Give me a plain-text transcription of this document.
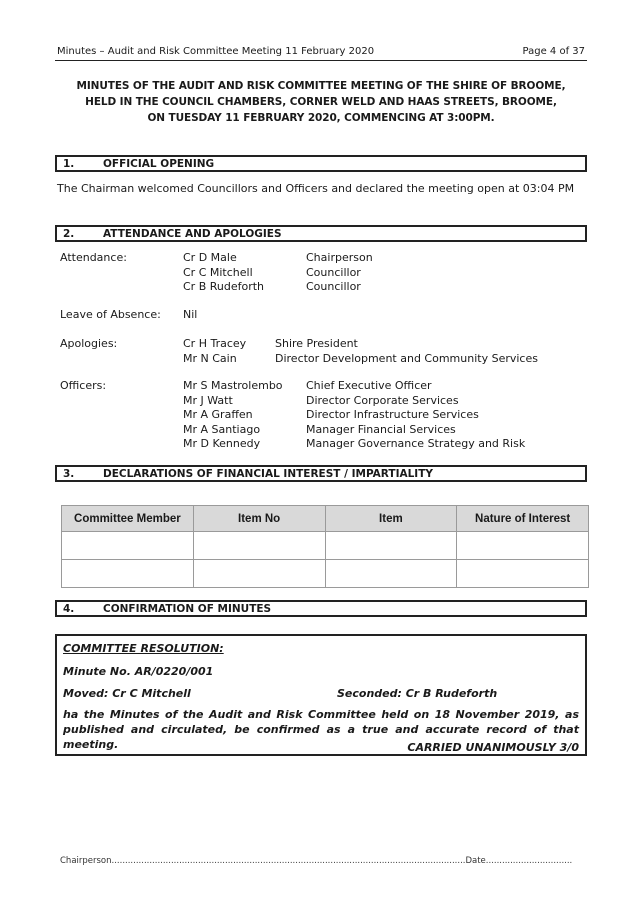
Minutes – Audit and Risk Committee Meeting 11 February 2020	Page 4 of 37
MINUTES OF THE AUDIT AND RISK COMMITTEE MEETING OF THE SHIRE OF BROOME,
HELD IN THE COUNCIL CHAMBERS, CORNER WELD AND HAAS STREETS, BROOME,
ON TUESDAY 11 FEBRUARY 2020, COMMENCING AT 3:00PM.
1.	OFFICIAL OPENING
The Chairman welcomed Councillors and Officers and declared the meeting open at 03:04 PM
2.	ATTENDANCE AND APOLOGIES
Attendance:	Cr D Male	Chairperson
Cr C Mitchell	Councillor
Cr B Rudeforth	Councillor
Leave of Absence: Nil
Apologies:	Cr H Tracey	Shire President
Mr N Cain	Director Development and Community Services
Officers:	Mr S Mastrolembo Chief Executive Officer
Mr J Watt	Director Corporate Services
Mr A Graffen	Director Infrastructure Services
Mr A Santiago	Manager Financial Services
Mr D Kennedy	Manager Governance Strategy and Risk
3.	DECLARATIONS OF FINANCIAL INTEREST / IMPARTIALITY
Committee Member	Item No	Item	Nature of Interest

4.	CONFIRMATION OF MINUTES
COMMITTEE RESOLUTION:
Minute No. AR/0220/001
Moved: Cr C Mitchell	Seconded: Cr B Rudeforth
ha the Minutes of the Audit and Risk Committee held on 18 November 2019, as published and circulated, be confirmed as a true and accurate record of that meeting.	CARRIED UNANIMOUSLY 3/0
Chairperson...................................................................................................................................Date................................
